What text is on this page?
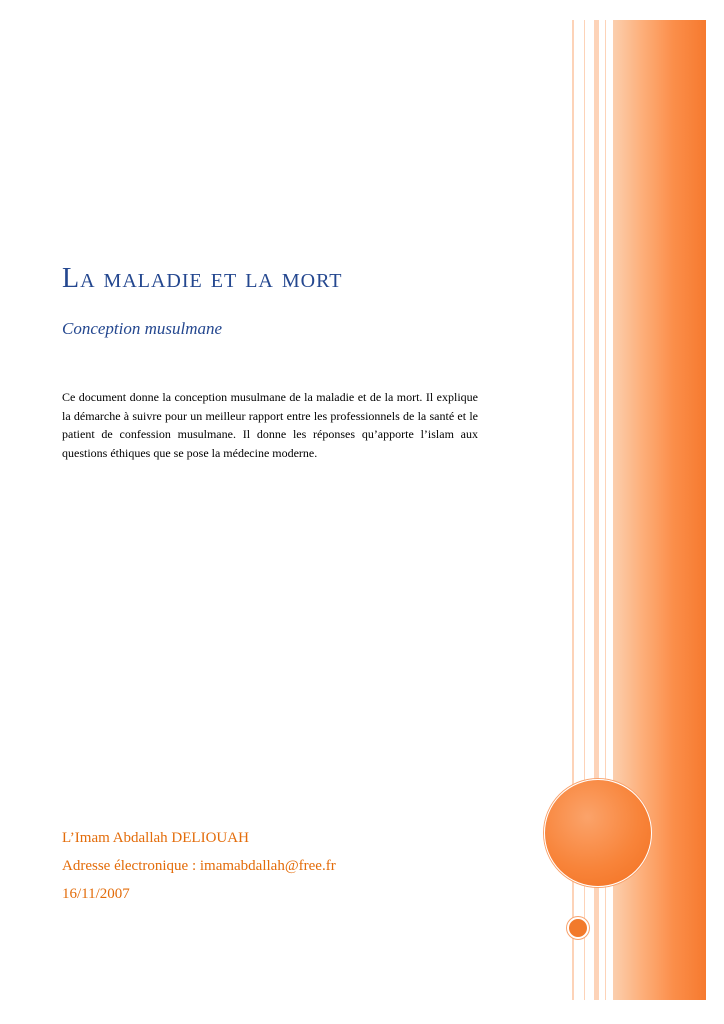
La maladie et la mort

Conception musulmane

Ce document donne la conception musulmane de la maladie et de la mort. Il explique la démarche à suivre pour un meilleur rapport entre les professionnels de la santé et le patient de confession musulmane. Il donne les réponses qu’apporte l’islam aux questions éthiques que se pose la médecine moderne.

L’Imam Abdallah DELIOUAH

Adresse électronique : imamabdallah@free.fr

16/11/2007
